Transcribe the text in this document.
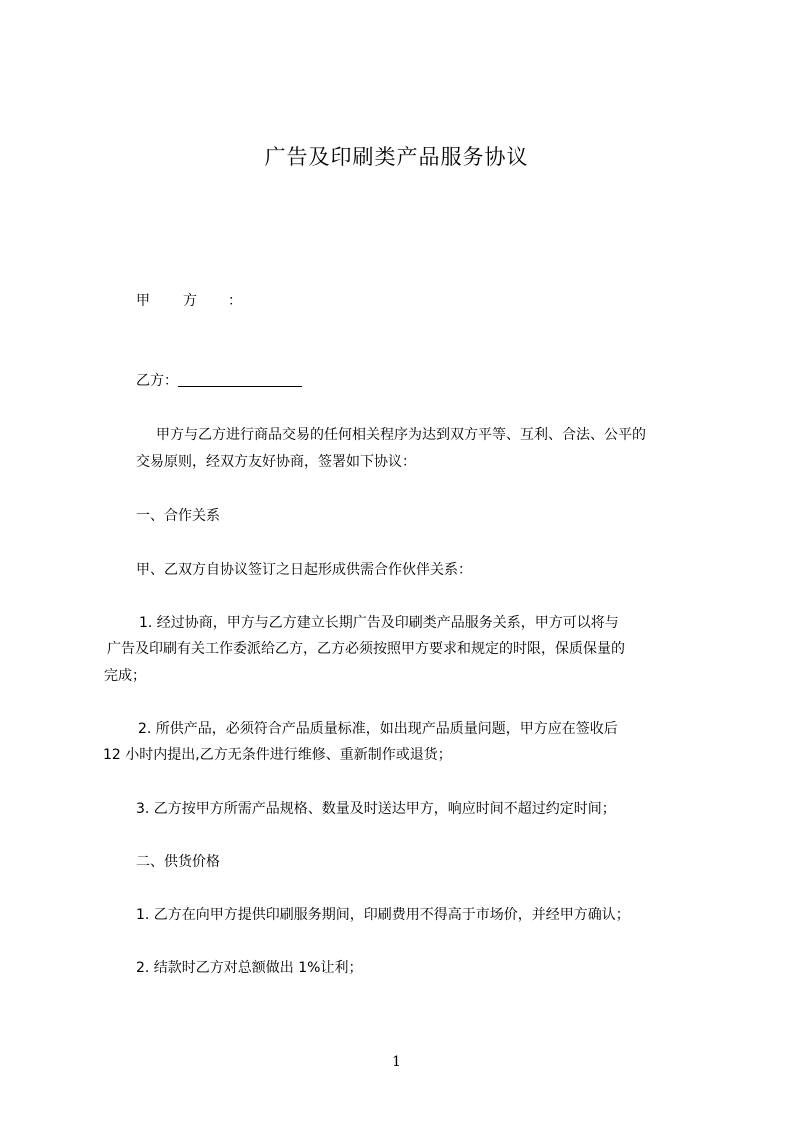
广告及印刷类产品服务协议
甲 方 ： ＿　＿　＿　＿　＿　＿　＿　＿　＿　＿　＿　＿　＿　＿
乙方：
甲方与乙方进行商品交易的任何相关程序为达到双方平等、互利、合法、公平的
交易原则，经双方友好协商，签署如下协议：
一、合作关系
甲、乙双方自协议签订之日起形成供需合作伙伴关系：
1. 经过协商，甲方与乙方建立长期广告及印刷类产品服务关系，甲方可以将与
广告及印刷有关工作委派给乙方，乙方必须按照甲方要求和规定的时限，保质保量的
完成；
2. 所供产品，必须符合产品质量标准，如出现产品质量问题，甲方应在签收后
12 小时内提出,乙方无条件进行维修、重新制作或退货；
3. 乙方按甲方所需产品规格、数量及时送达甲方，响应时间不超过约定时间；
二、供货价格
1. 乙方在向甲方提供印刷服务期间，印刷费用不得高于市场价，并经甲方确认；
2. 结款时乙方对总额做出 1%让利；
1
